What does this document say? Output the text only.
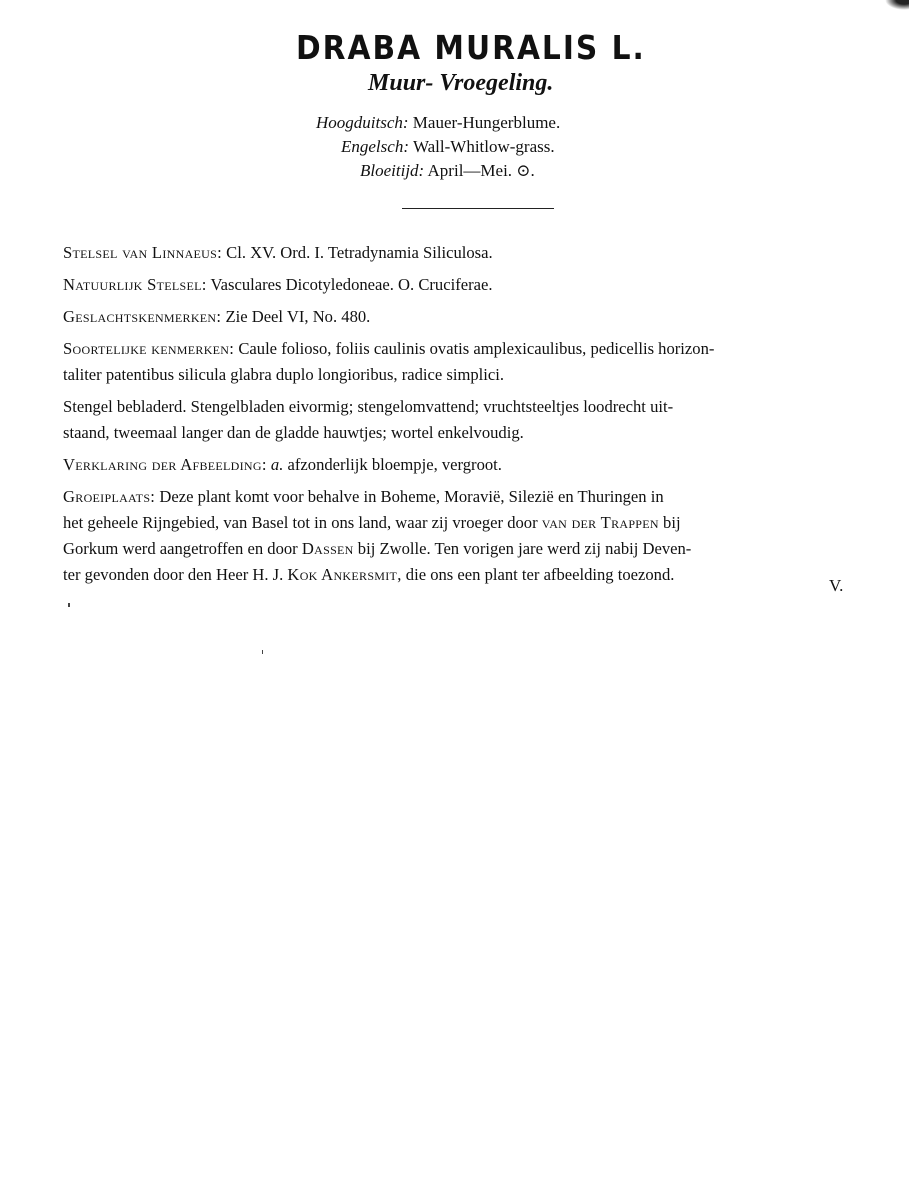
DRABA MURALIS L.
Muur- Vroegeling.
Hoogduitsch: Mauer-Hungerblume.
Engelsch: Wall-Whitlow-grass.
Bloeitijd: April—Mei. ⊙.

Stelsel van Linnaeus: Cl. XV. Ord. I. Tetradynamia Siliculosa.

Natuurlijk Stelsel: Vasculares Dicotyledoneae. O. Cruciferae.

Geslachtskenmerken: Zie Deel VI, No. 480.

Soortelijke kenmerken: Caule folioso, foliis caulinis ovatis amplexicaulibus, pedicellis horizon-
taliter patentibus silicula glabra duplo longioribus, radice simplici.

Stengel bebladerd. Stengelbladen eivormig; stengelomvattend; vruchtsteeltjes loodrecht uit-
staand, tweemaal langer dan de gladde hauwtjes; wortel enkelvoudig.

Verklaring der Afbeelding: a. afzonderlijk bloempje, vergroot.

Groeiplaats: Deze plant komt voor behalve in Boheme, Moravië, Silezië en Thuringen in
het geheele Rijngebied, van Basel tot in ons land, waar zij vroeger door van der Trappen bij
Gorkum werd aangetroffen en door Dassen bij Zwolle. Ten vorigen jare werd zij nabij Deven-
ter gevonden door den Heer H. J. Kok Ankersmit, die ons een plant ter afbeelding toezond.

V.
